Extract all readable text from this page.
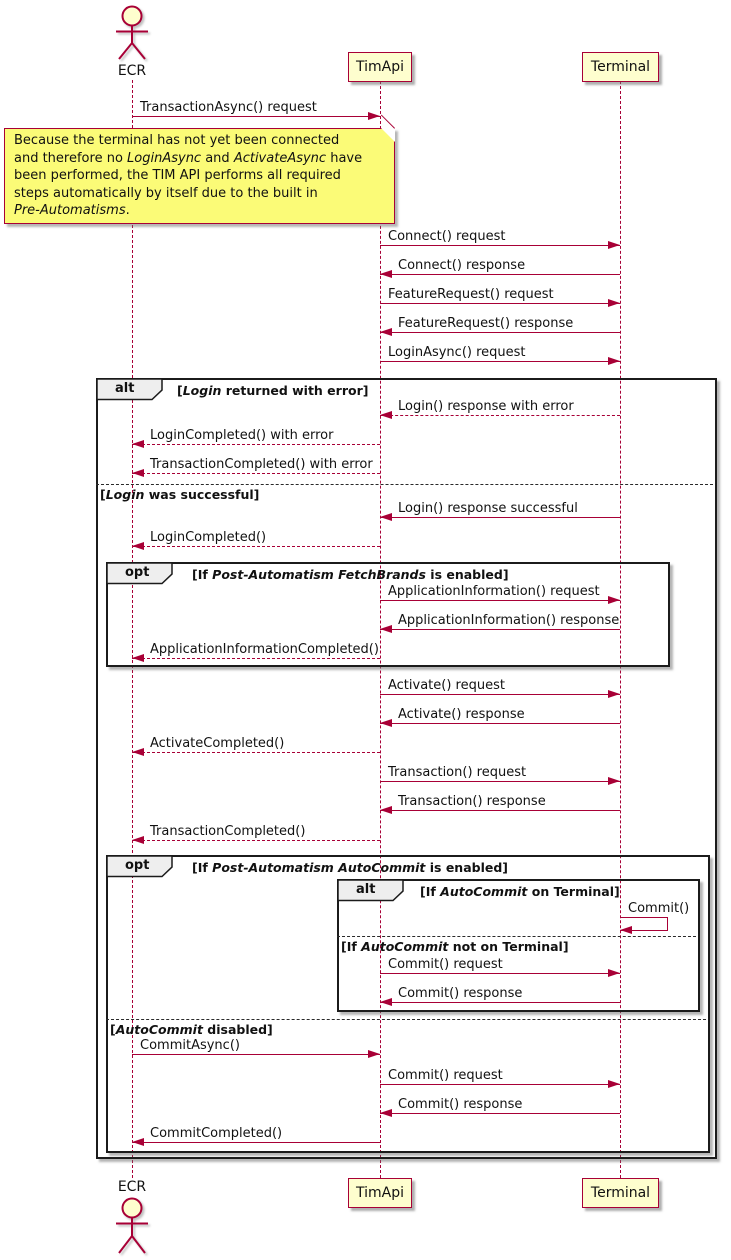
ECR	TimApi	Terminal
Because the terminal has not yet been connected
and therefore no LoginAsync and ActivateAsync have
been performed, the TIM API performs all required
steps automatically by itself due to the built in
Pre-Automatisms.
alt	[Login returned with error]
[Login was successful]
opt	[If Post-Automatism FetchBrands is enabled]
opt	[If Post-Automatism AutoCommit is enabled]
alt	[If AutoCommit on Terminal]
[If AutoCommit not on Terminal]
[AutoCommit disabled]
TransactionAsync() request
Connect() request
Connect() response
FeatureRequest() request
FeatureRequest() response
LoginAsync() request
Login() response with error
LoginCompleted() with error
TransactionCompleted() with error
Login() response successful
LoginCompleted()
ApplicationInformation() request
ApplicationInformation() response
ApplicationInformationCompleted()
Activate() request
Activate() response
ActivateCompleted()
Transaction() request
Transaction() response
TransactionCompleted()
Commit()
Commit() request
Commit() response
CommitAsync()
Commit() request
Commit() response
CommitCompleted()
TimApi	Terminal
ECR
